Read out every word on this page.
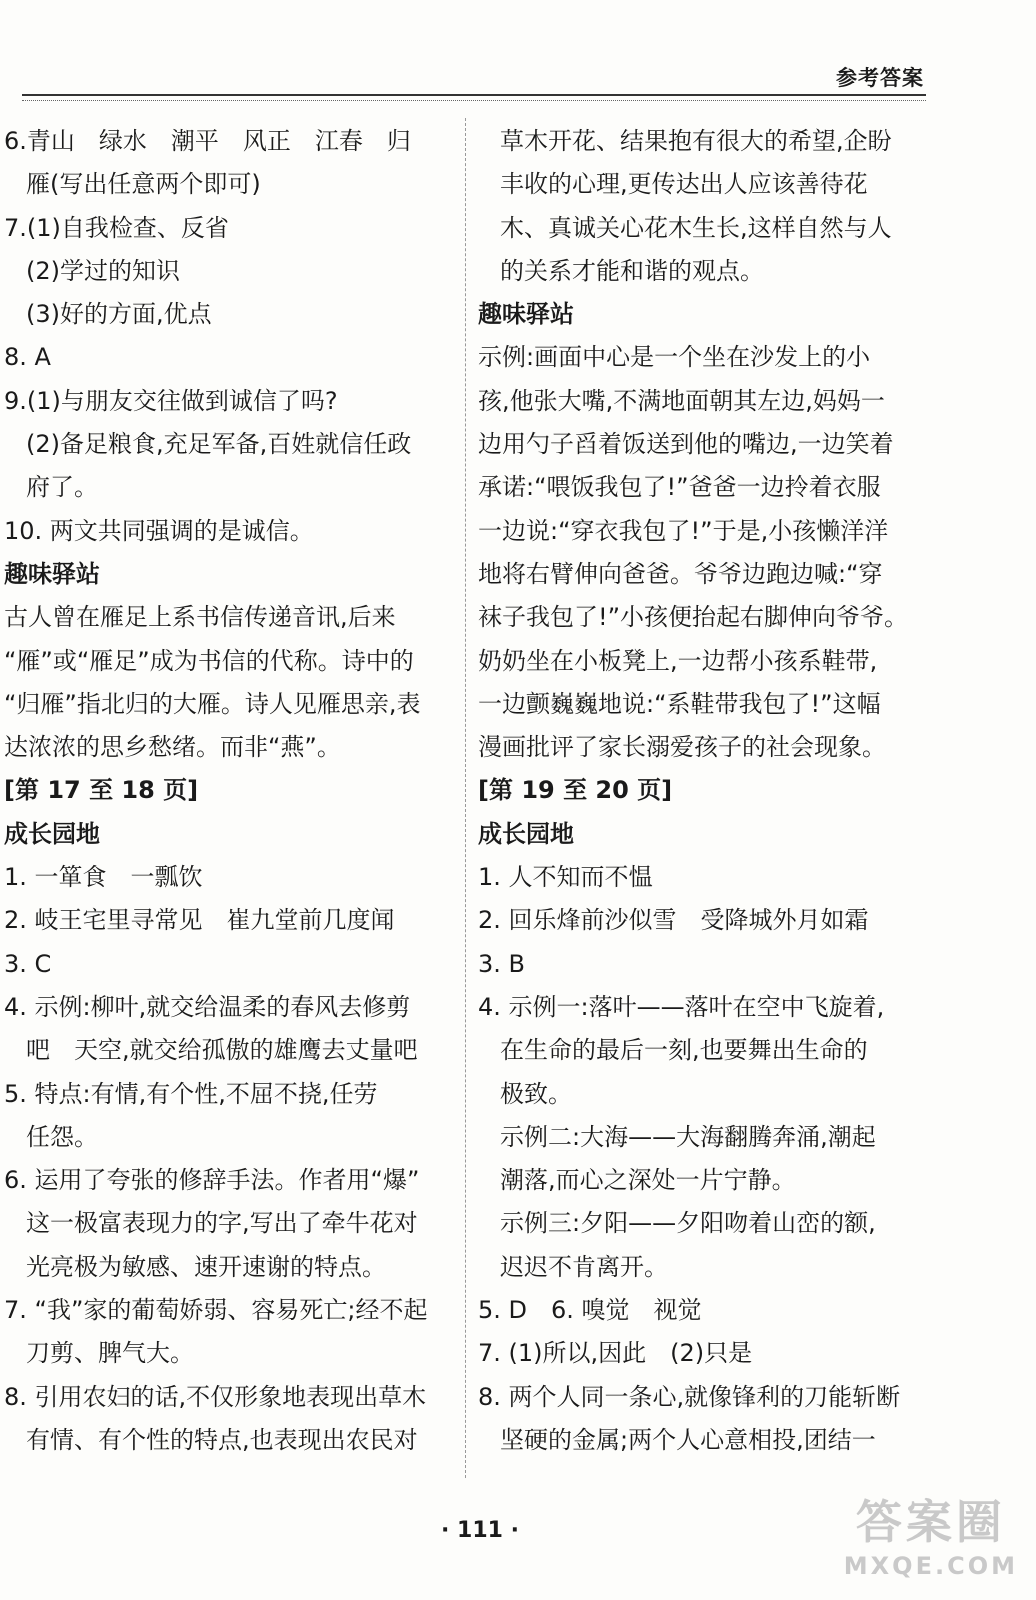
参考答案
6.青山　绿水　潮平　风正　江春　归
雁(写出任意两个即可)
7.(1)自我检查、反省
(2)学过的知识
(3)好的方面,优点
8. A
9.(1)与朋友交往做到诚信了吗?
(2)备足粮食,充足军备,百姓就信任政
府了。
10. 两文共同强调的是诚信。
趣味驿站
古人曾在雁足上系书信传递音讯,后来
“雁”或“雁足”成为书信的代称。诗中的
“归雁”指北归的大雁。诗人见雁思亲,表
达浓浓的思乡愁绪。而非“燕”。
[第 17 至 18 页]
成长园地
1. 一箪食　一瓢饮
2. 岐王宅里寻常见　崔九堂前几度闻
3. C
4. 示例:柳叶,就交给温柔的春风去修剪
吧　天空,就交给孤傲的雄鹰去丈量吧
5. 特点:有情,有个性,不屈不挠,任劳
任怨。
6. 运用了夸张的修辞手法。作者用“爆”
这一极富表现力的字,写出了牵牛花对
光亮极为敏感、速开速谢的特点。
7. “我”家的葡萄娇弱、容易死亡;经不起
刀剪、脾气大。
8. 引用农妇的话,不仅形象地表现出草木
有情、有个性的特点,也表现出农民对
草木开花、结果抱有很大的希望,企盼
丰收的心理,更传达出人应该善待花
木、真诚关心花木生长,这样自然与人
的关系才能和谐的观点。
趣味驿站
示例:画面中心是一个坐在沙发上的小
孩,他张大嘴,不满地面朝其左边,妈妈一
边用勺子舀着饭送到他的嘴边,一边笑着
承诺:“喂饭我包了!”爸爸一边拎着衣服
一边说:“穿衣我包了!”于是,小孩懒洋洋
地将右臂伸向爸爸。爷爷边跑边喊:“穿
袜子我包了!”小孩便抬起右脚伸向爷爷。
奶奶坐在小板凳上,一边帮小孩系鞋带,
一边颤巍巍地说:“系鞋带我包了!”这幅
漫画批评了家长溺爱孩子的社会现象。
[第 19 至 20 页]
成长园地
1. 人不知而不愠
2. 回乐烽前沙似雪　受降城外月如霜
3. B
4. 示例一:落叶——落叶在空中飞旋着,
在生命的最后一刻,也要舞出生命的
极致。
示例二:大海——大海翻腾奔涌,潮起
潮落,而心之深处一片宁静。
示例三:夕阳——夕阳吻着山峦的额,
迟迟不肯离开。
5. D　6. 嗅觉　视觉
7. (1)所以,因此　(2)只是
8. 两个人同一条心,就像锋利的刀能斩断
坚硬的金属;两个人心意相投,团结一
· 111 ·	答案圈
MXQE.COM
